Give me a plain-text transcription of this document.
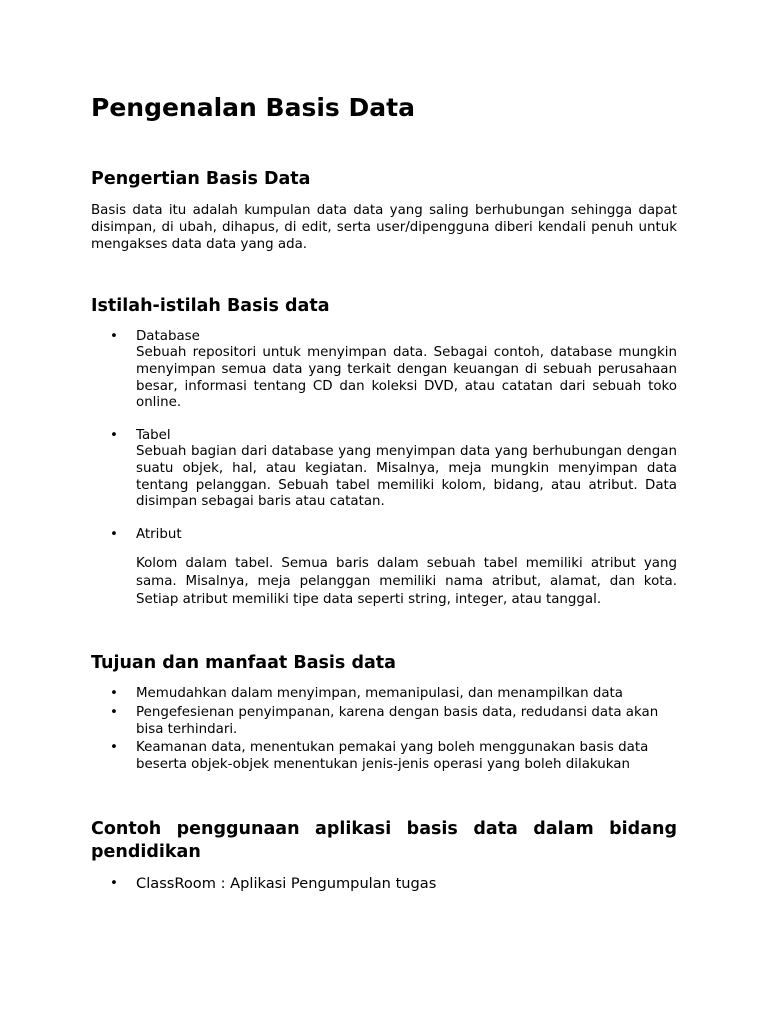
Pengenalan Basis Data
Pengertian Basis Data

Basis data itu adalah kumpulan data data yang saling berhubungan sehingga dapat disimpan, di ubah, dihapus, di edit, serta user/dipengguna diberi kendali penuh untuk mengakses data data yang ada.

Istilah-istilah Basis data
• Database

Sebuah repositori untuk menyimpan data. Sebagai contoh, database mungkin menyimpan semua data yang terkait dengan keuangan di sebuah perusahaan besar, informasi tentang CD dan koleksi DVD, atau catatan dari sebuah toko online.

• Tabel

Sebuah bagian dari database yang menyimpan data yang berhubungan dengan suatu objek, hal, atau kegiatan. Misalnya, meja mungkin menyimpan data tentang pelanggan. Sebuah tabel memiliki kolom, bidang, atau atribut. Data disimpan sebagai baris atau catatan.

• Atribut

Kolom dalam tabel. Semua baris dalam sebuah tabel memiliki atribut yang sama. Misalnya, meja pelanggan memiliki nama atribut, alamat, dan kota. Setiap atribut memiliki tipe data seperti string, integer, atau tanggal.

Tujuan dan manfaat Basis data
• Memudahkan dalam menyimpan, memanipulasi, dan menampilkan data

• Pengefesienan penyimpanan, karena dengan basis data, redudansi data akan bisa terhindari.

• Keamanan data, menentukan pemakai yang boleh menggunakan basis data beserta objek-objek menentukan jenis-jenis operasi yang boleh dilakukan

Contoh penggunaan aplikasi basis data dalam bidang pendidikan
• ClassRoom : Aplikasi Pengumpulan tugas
